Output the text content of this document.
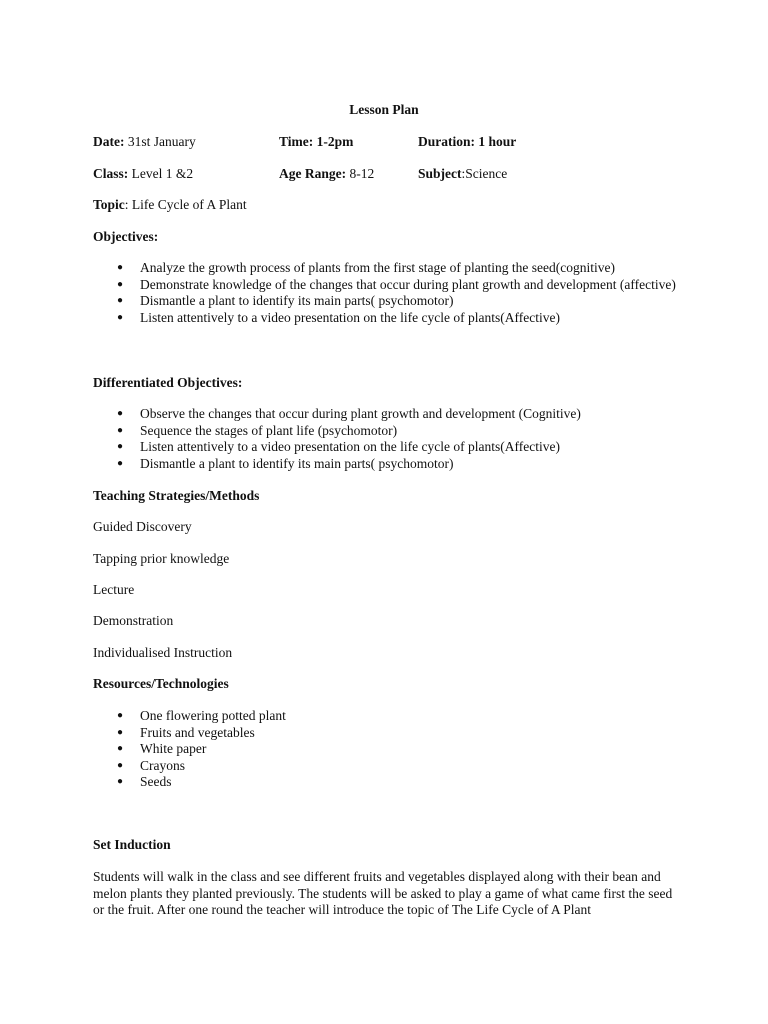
Lesson Plan
Date: 31st January	Time: 1-2pm	Duration: 1 hour
Class: Level 1 &2	Age Range: 8-12	Subject:Science
Topic: Life Cycle of A Plant
Objectives:
● Analyze the growth process of plants from the first stage of planting the seed(cognitive)
● Demonstrate knowledge of the changes that occur during plant growth and development (affective)
● Dismantle a plant to identify its main parts( psychomotor)
● Listen attentively to a video presentation on the life cycle of plants(Affective)
Differentiated Objectives:
● Observe the changes that occur during plant growth and development (Cognitive)
● Sequence the stages of plant life (psychomotor)
● Listen attentively to a video presentation on the life cycle of plants(Affective)
● Dismantle a plant to identify its main parts( psychomotor)
Teaching Strategies/Methods
Guided Discovery
Tapping prior knowledge
Lecture
Demonstration
Individualised Instruction
Resources/Technologies
● One flowering potted plant
● Fruits and vegetables
● White paper
● Crayons
● Seeds
Set Induction
Students will walk in the class and see different fruits and vegetables displayed along with their bean and melon plants they planted previously. The students will be asked to play a game of what came first the seed or the fruit. After one round the teacher will introduce the topic of The Life Cycle of A Plant
